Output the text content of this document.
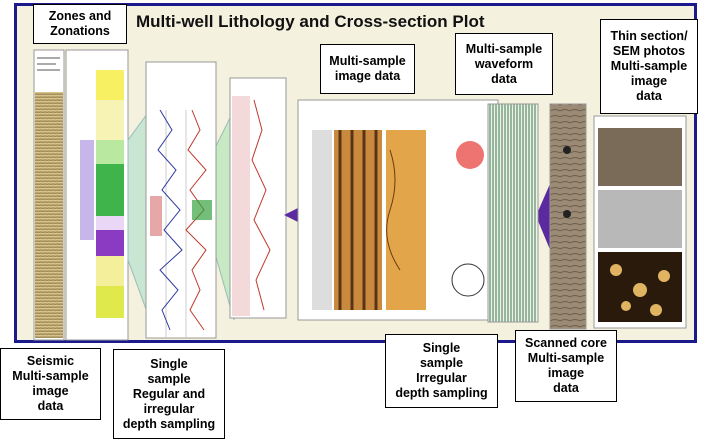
Multi-well Lithology and Cross-section Plot
Zones and
Zonations
Multi-sample
image data
Multi-sample
waveform
data
Thin section/
SEM photos
Multi-sample
image
data
Seismic
Multi-sample
image
data
Single
sample
Regular and
irregular
depth sampling
Single
sample
Irregular
depth sampling
Scanned core
Multi-sample
image
data
